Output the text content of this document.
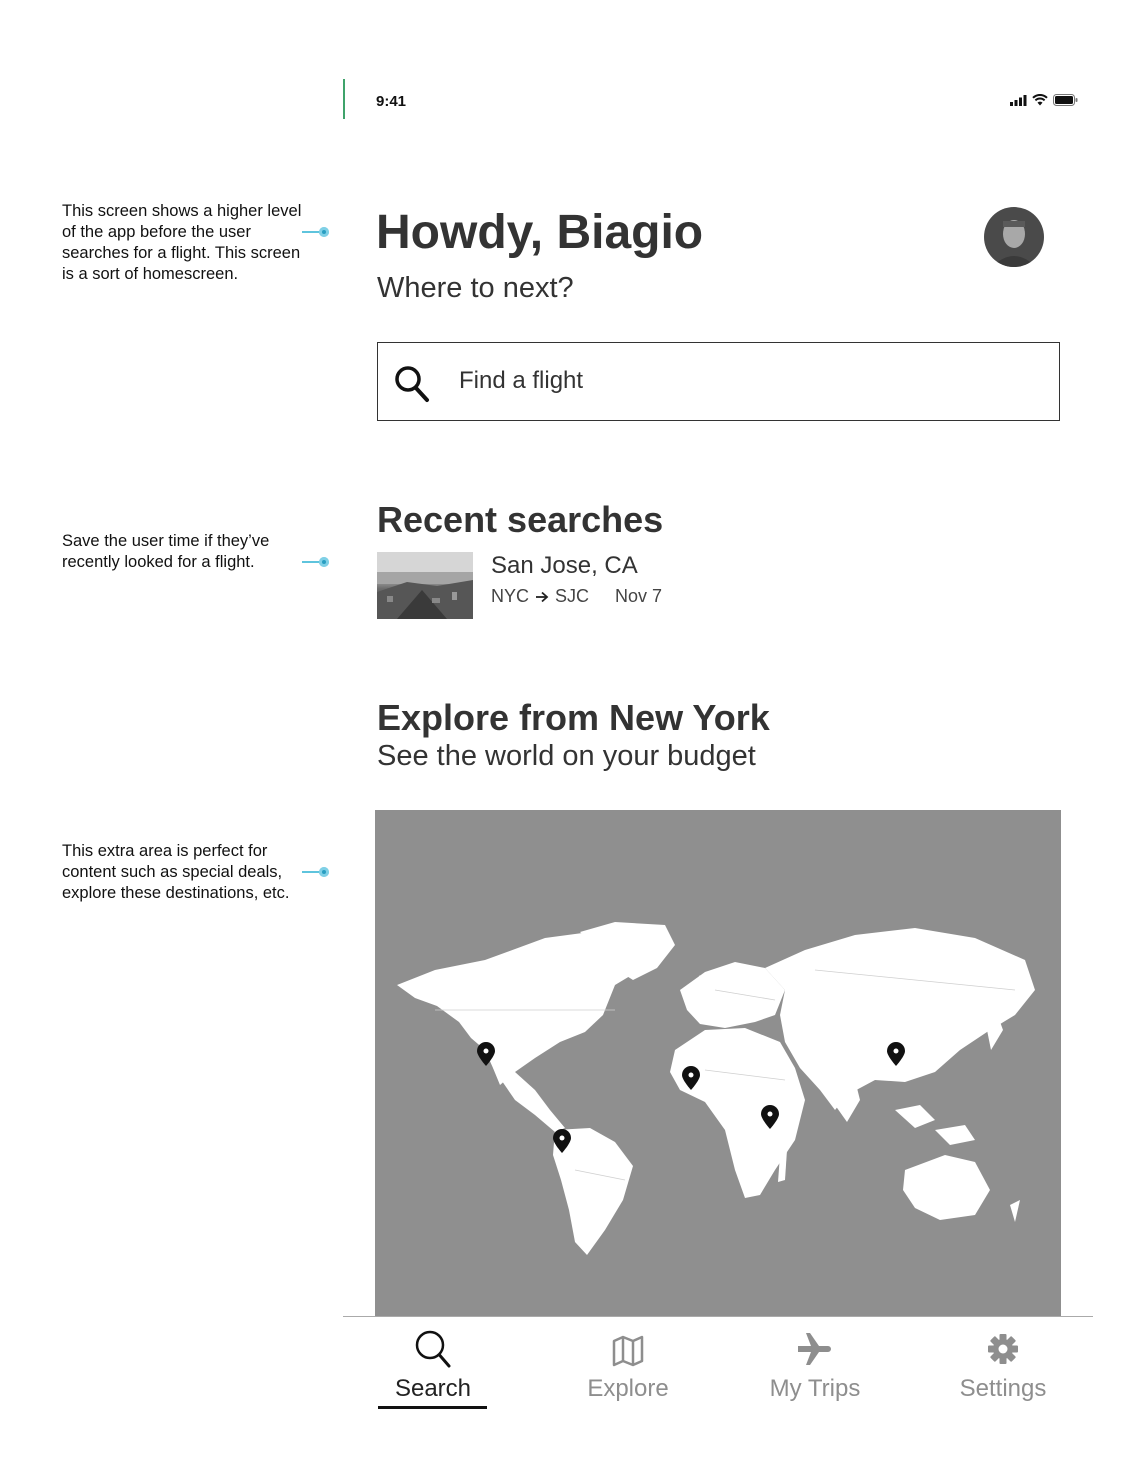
This screen shows a higher level of the app before the user searches for a flight. This screen is a sort of homescreen.
Save the user time if they’ve recently looked for a flight.
This extra area is perfect for content such as special deals, explore these destinations, etc.
9:41
Howdy, Biagio
Where to next?
Find a flight
Recent searches
San Jose, CA
NYC SJC Nov 7
Explore from New York
See the world on your budget
Search	Explore	My Trips	Settings
